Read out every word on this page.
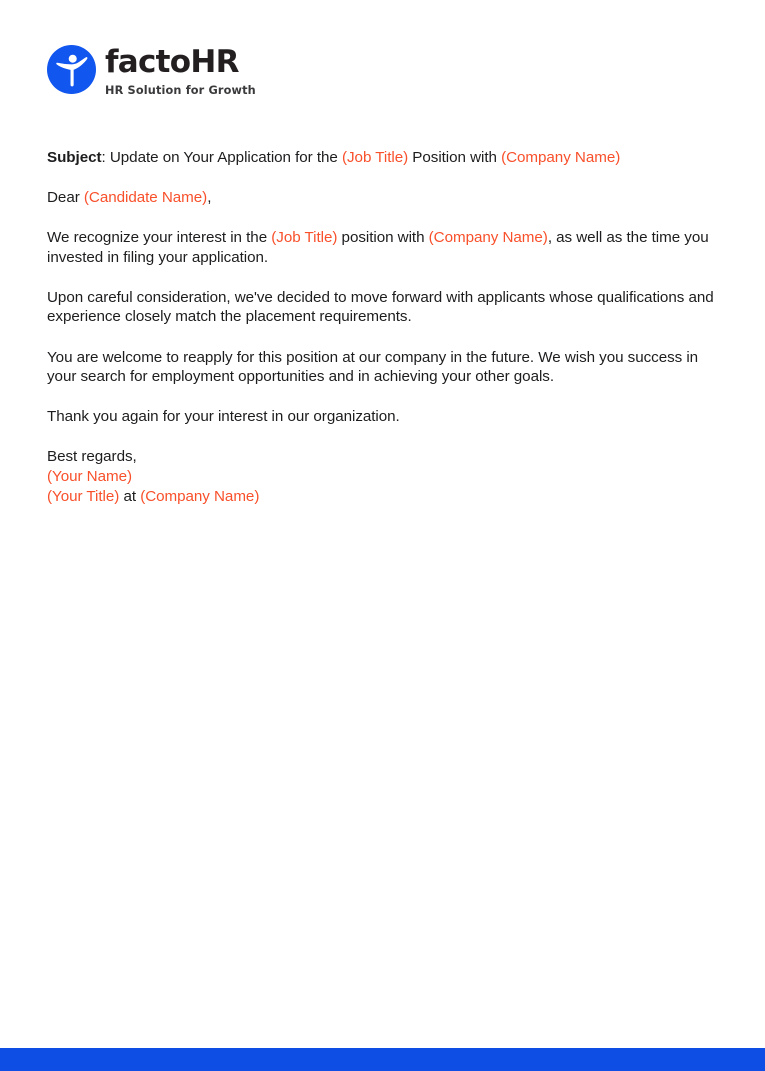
factoHR
HR Solution for Growth

Subject: Update on Your Application for the (Job Title) Position with (Company Name)

Dear (Candidate Name),

We recognize your interest in the (Job Title) position with (Company Name), as well as the time you invested in filing your application.

Upon careful consideration, we've decided to move forward with applicants whose qualifications and experience closely match the placement requirements.

You are welcome to reapply for this position at our company in the future. We wish you success in your search for employment opportunities and in achieving your other goals.

Thank you again for your interest in our organization.

Best regards,
(Your Name)
(Your Title) at (Company Name)
